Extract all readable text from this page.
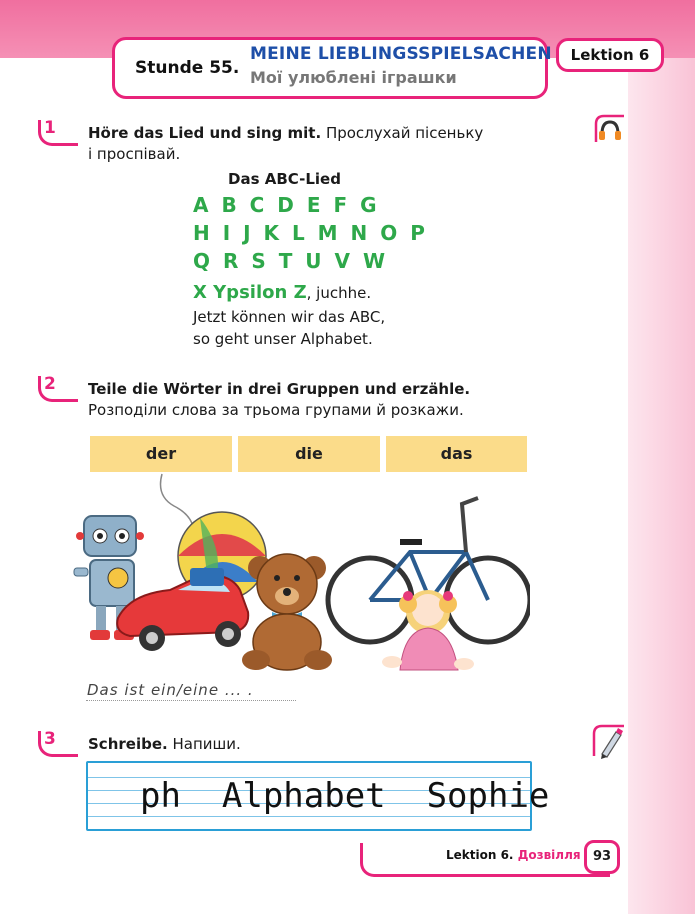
Stunde 55.
MEINE LIEBLINGSSPIELSACHEN
Мої улюблені іграшки
Lektion 6
1 Höre das Lied und sing mit. Прослухай пісеньку
і проспівай.
Das ABC-Lied
A B C D E F G
H I J K L M N O P
Q R S T U V W
X Ypsilon Z, juchhe.
Jetzt können wir das ABC,
so geht unser Alphabet.
2 Teile die Wörter in drei Gruppen und erzähle.
Розподіли слова за трьома групами й розкажи.
der	die	das
Das ist ein/eine ... .
3 Schreibe. Напиши.
ph  Alphabet  Sophie
Lektion 6. Дозвілля 93
